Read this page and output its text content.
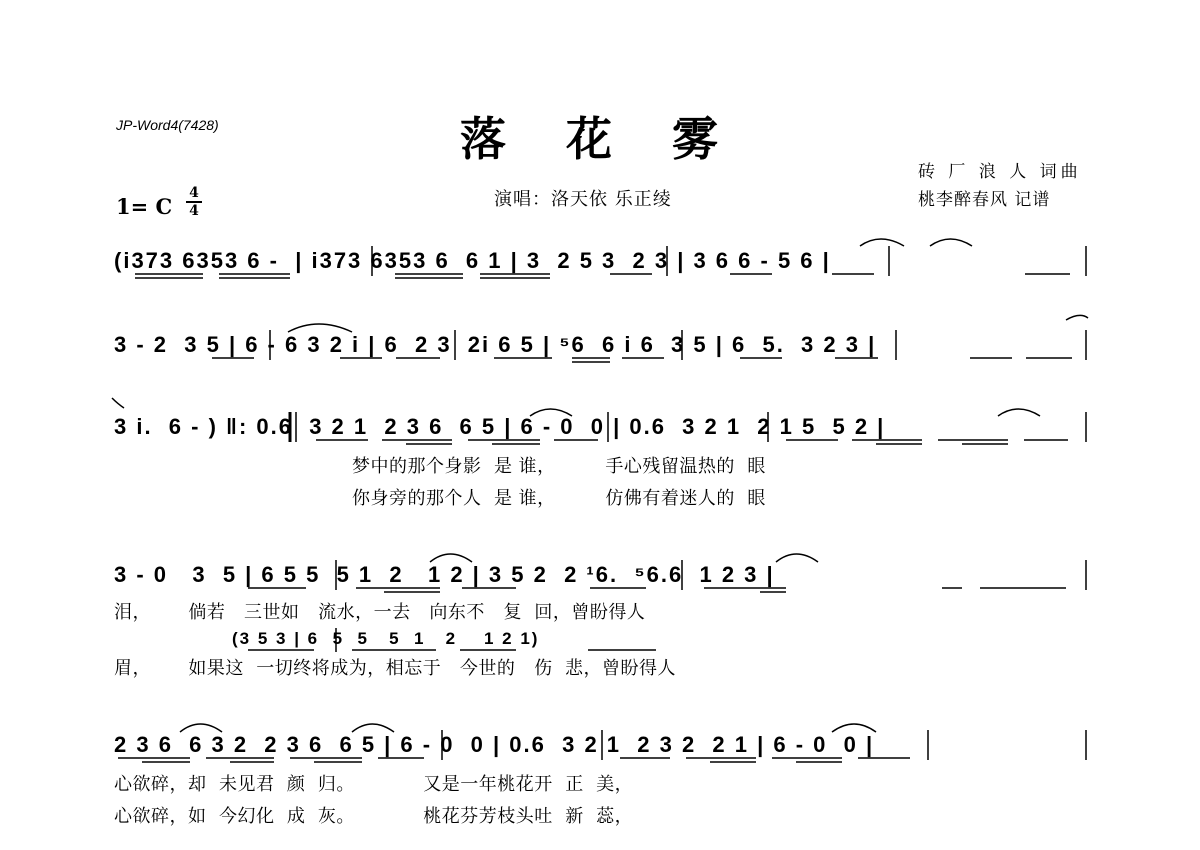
JP-Word4(7428)	落 花 雾
演唱：洛天依 乐正绫
砖 厂 浪 人 词曲
桃李醉春风 记谱
1= C
4
4
(i373 6353 6 -  | i373 6353 6  6 1 | 3  2 5 3  2 3 | 3 6 6 - 5 6 |
3 - 2  3 5 | 6 - 6 3 2 i | 6  2 3  2i 6 5 | ⁵6  6 i 6  3 5 | 6  5.  3 2 3 |
3 i.  6 - ) ‖: 0.6  3 2 1  2 3 6  6 5 | 6 - 0  0 | 0.6  3 2 1  2 1 5  5 2 |
梦中的那个身影  是 谁，        手心残留温热的  眼
你身旁的那个人  是 谁，        仿佛有着迷人的  眼
3 - 0   3  5 | 6 5 5  5 1  2   1 2 | 3 5 2  2 ¹6.  ⁵6.6  1 2 3 |
泪，      倘若   三世如   流水，一去   向东不   复  回，曾盼得人
(3 5 3 | 6  5  5   5  1   2    1 2 1)
眉，      如果这  一切终将成为，相忘于   今世的   伤  悲，曾盼得人
2 3 6  6 3 2  2 3 6  6 5 | 6 - 0  0 | 0.6  3 2 1  2 3 2  2 1 | 6 - 0  0 |
心欲碎，却  未见君  颜  归。           又是一年桃花开  正  美，
心欲碎，如  今幻化  成  灰。           桃花芬芳枝头吐  新  蕊，
